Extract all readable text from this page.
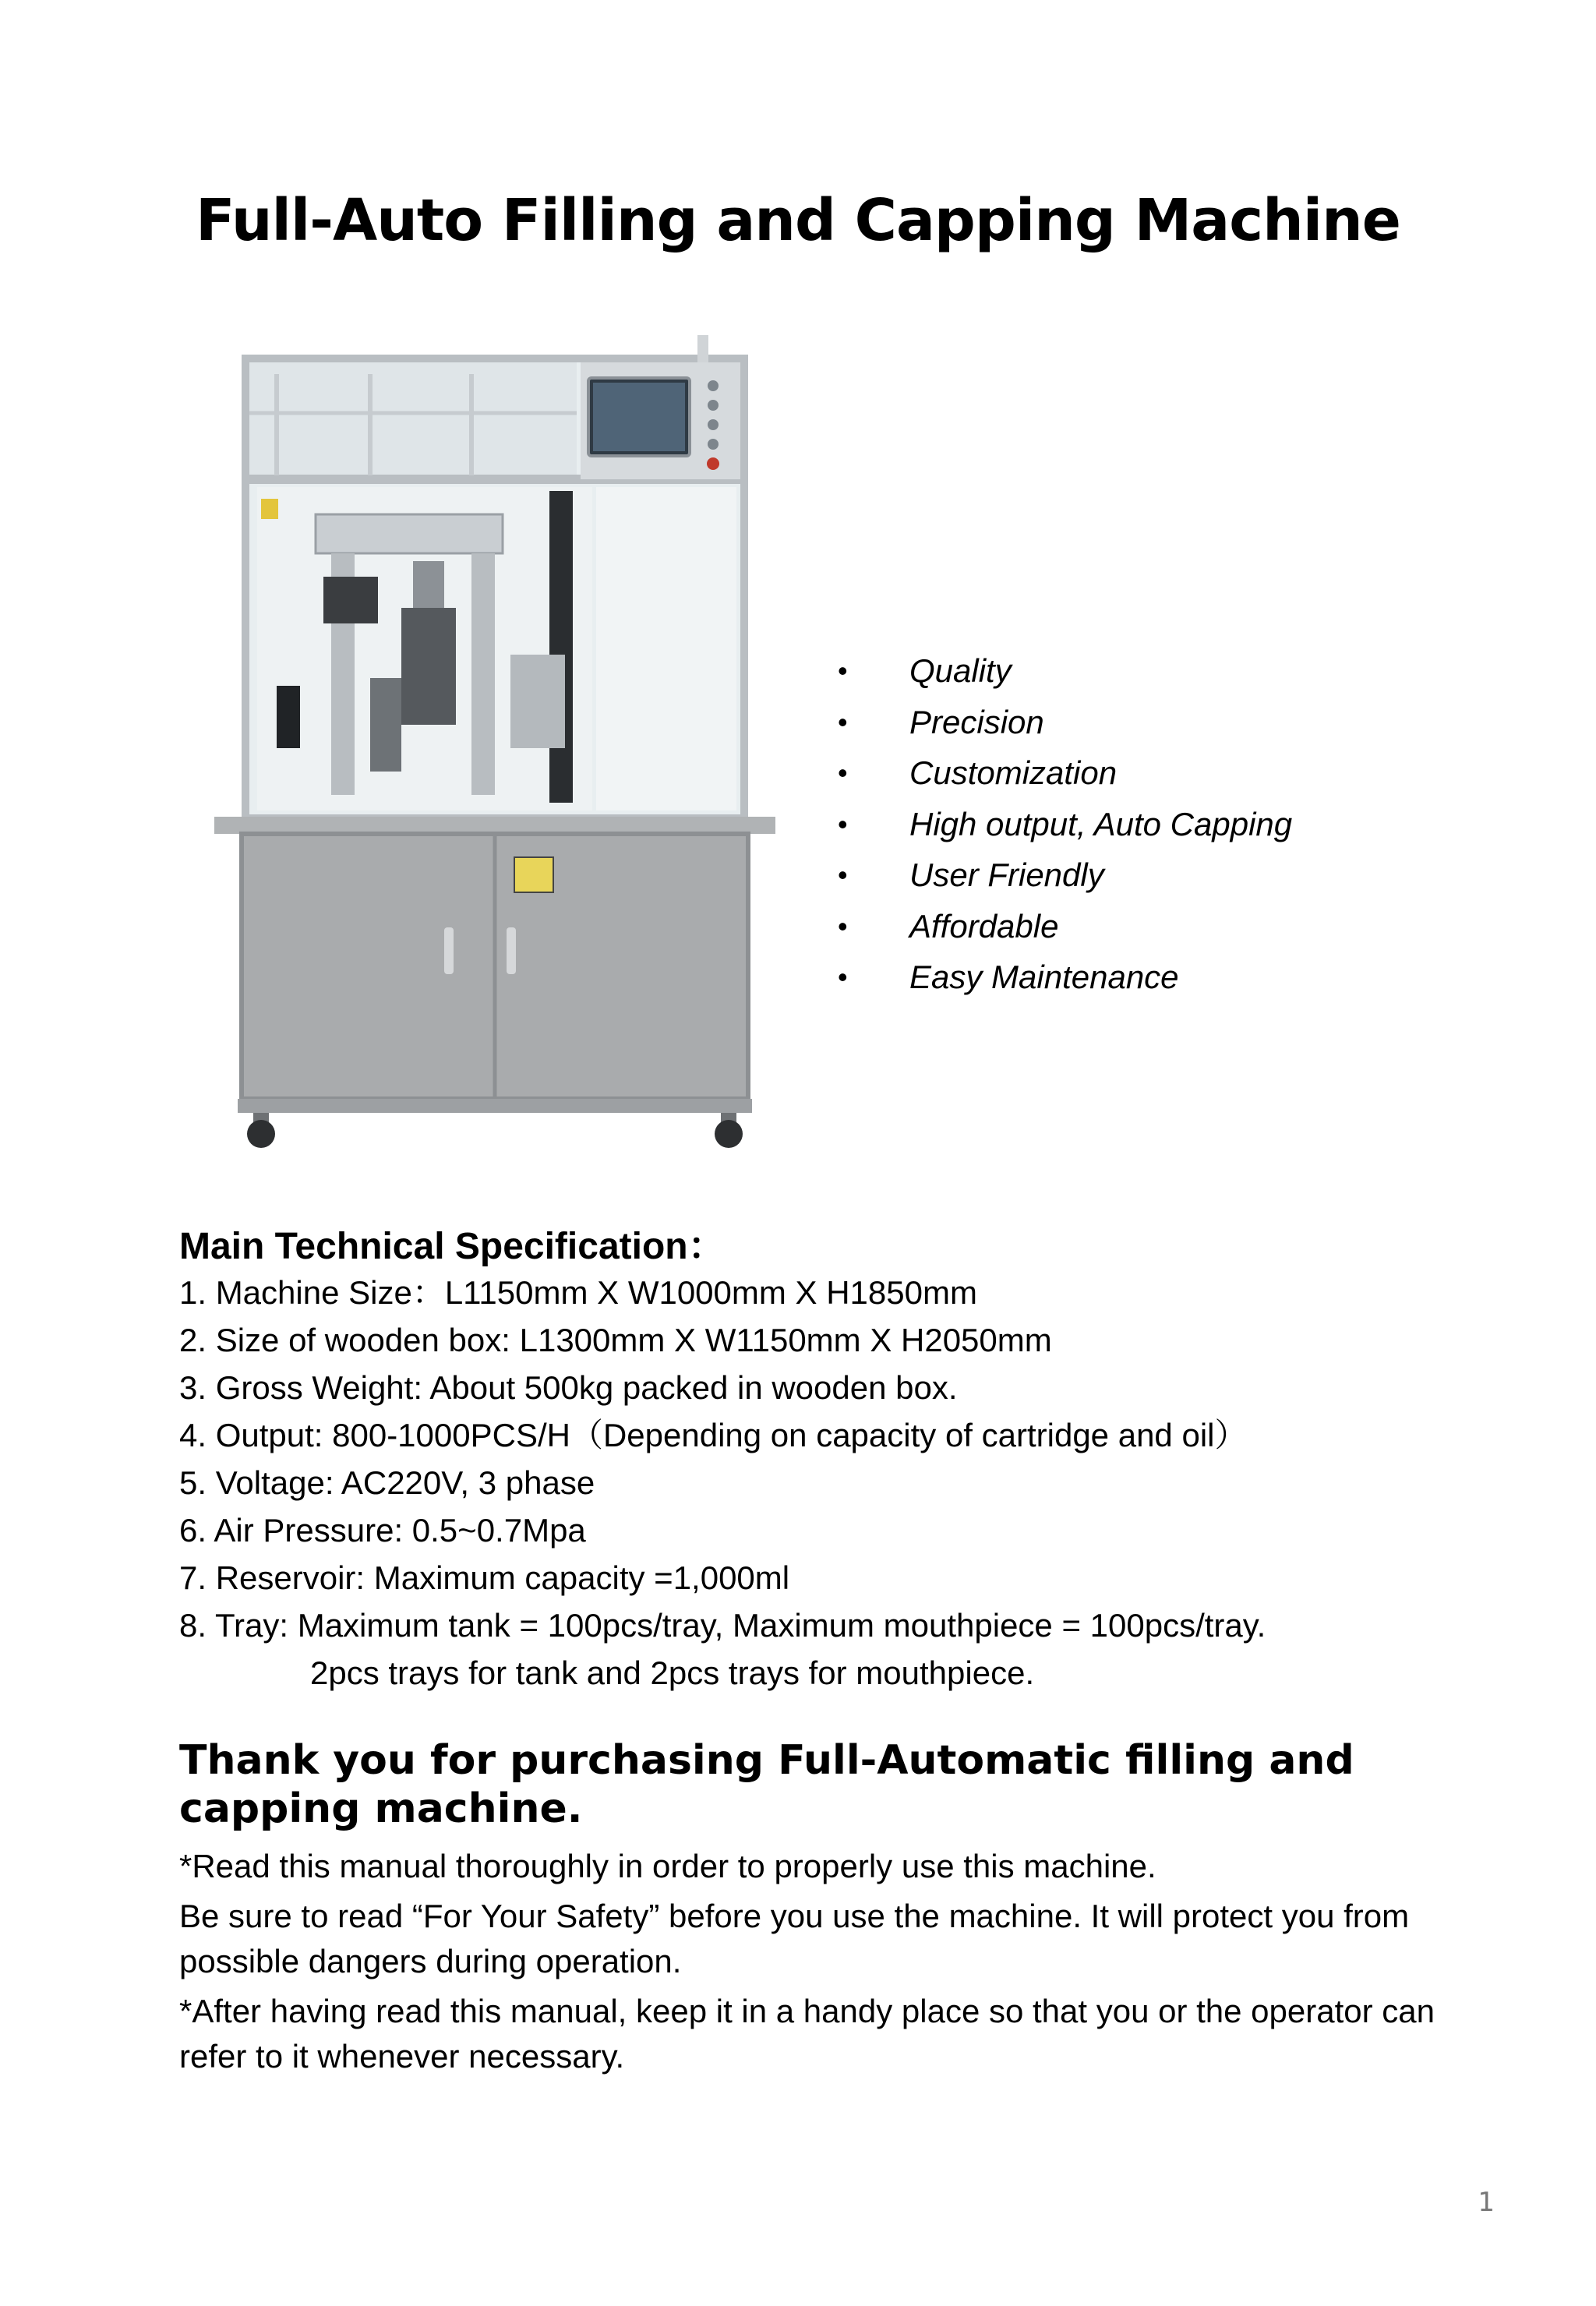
Full-Auto Filling and Capping Machine
• Quality
• Precision
• Customization
• High output, Auto Capping
• User Friendly
• Affordable
• Easy Maintenance
Main Technical Specification：
1. Machine Size：L1150mm X W1000mm X H1850mm
2. Size of wooden box: L1300mm X W1150mm X H2050mm
3. Gross Weight: About 500kg packed in wooden box.
4. Output: 800-1000PCS/H（Depending on capacity of cartridge and oil）
5. Voltage: AC220V, 3 phase
6. Air Pressure: 0.5~0.7Mpa
7. Reservoir: Maximum capacity =1,000ml
8. Tray: Maximum tank = 100pcs/tray, Maximum mouthpiece = 100pcs/tray.
2pcs trays for tank and 2pcs trays for mouthpiece.
Thank you for purchasing Full-Automatic filling and capping machine.

*Read this manual thoroughly in order to properly use this machine.

Be sure to read “For Your Safety” before you use the machine. It will protect you from possible dangers during operation.

*After having read this manual, keep it in a handy place so that you or the operator can refer to it whenever necessary.

1
